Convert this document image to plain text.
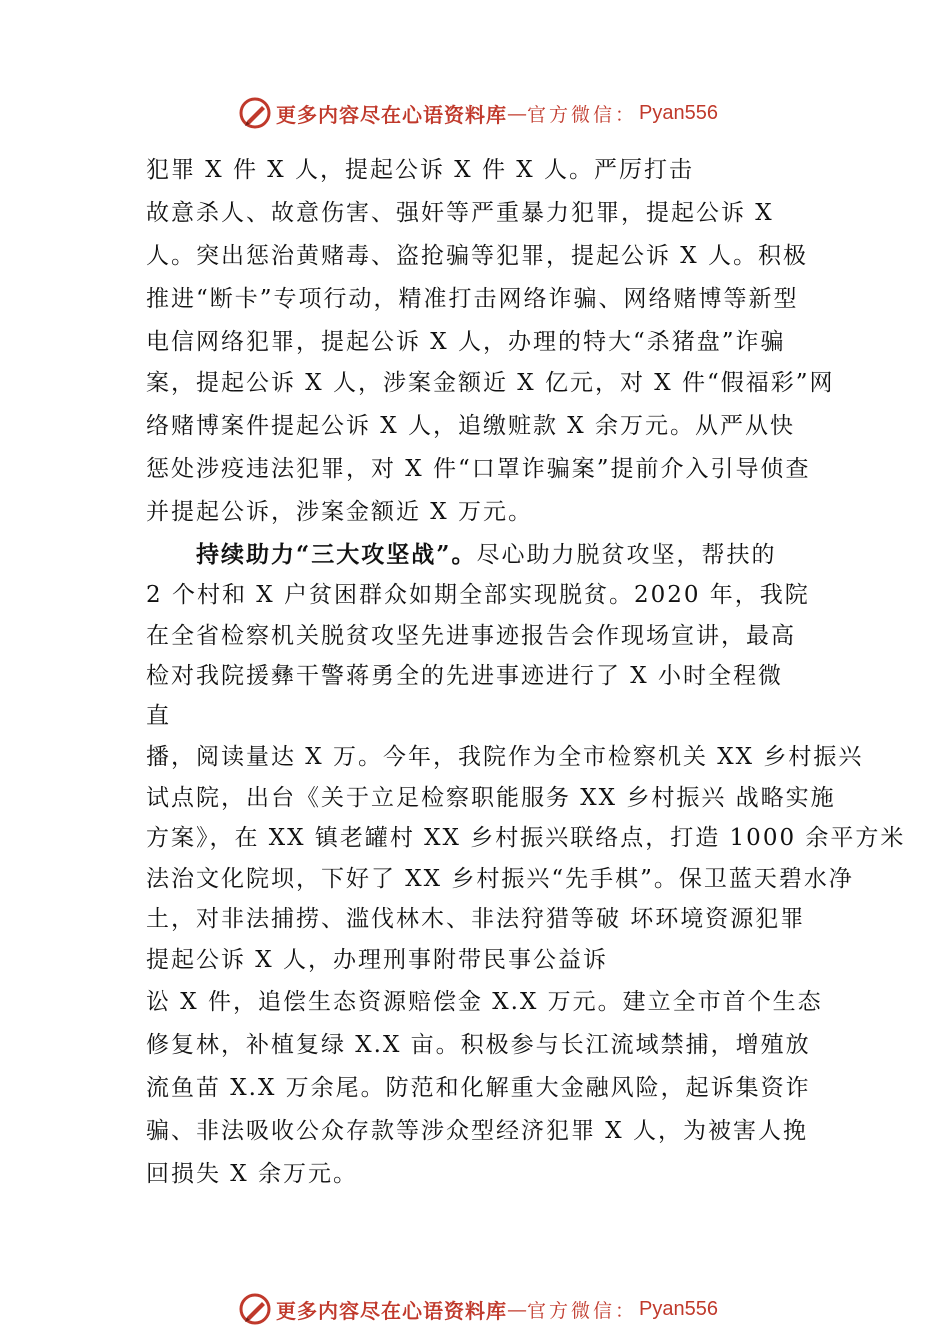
更多内容尽在心语资料库 — 官方微信： Pyan556
犯罪 X 件 X 人，提起公诉 X 件 X 人。严厉打击
故意杀人、故意伤害、强奸等严重暴力犯罪，提起公诉 X
人。突出惩治黄赌毒、盗抢骗等犯罪，提起公诉 X 人。积极
推进“断卡”专项行动，精准打击网络诈骗、网络赌博等新型
电信网络犯罪，提起公诉 X 人，办理的特大“杀猪盘”诈骗
案，提起公诉 X 人，涉案金额近 X 亿元，对 X 件“假福彩”网
络赌博案件提起公诉 X 人，追缴赃款 X 余万元。从严从快
惩处涉疫违法犯罪，对 X 件“口罩诈骗案”提前介入引导侦查
并提起公诉，涉案金额近 X 万元。
持续助力“三大攻坚战”。尽心助力脱贫攻坚，帮扶的
2 个村和 X 户贫困群众如期全部实现脱贫。2020 年，我院
在全省检察机关脱贫攻坚先进事迹报告会作现场宣讲，最高
检对我院援彝干警蒋勇全的先进事迹进行了 X 小时全程微
直
播，阅读量达 X 万。今年，我院作为全市检察机关 XX 乡村振兴
试点院，出台《关于立足检察职能服务 XX 乡村振兴 战略实施
方案》，在 XX 镇老罐村 XX 乡村振兴联络点，打造 1000 余平方米
法治文化院坝，下好了 XX 乡村振兴“先手棋”。保卫蓝天碧水净
土，对非法捕捞、滥伐林木、非法狩猎等破 坏环境资源犯罪
提起公诉 X 人，办理刑事附带民事公益诉
讼 X 件，追偿生态资源赔偿金 X.X 万元。建立全市首个生态
修复林，补植复绿 X.X 亩。积极参与长江流域禁捕，增殖放
流鱼苗 X.X 万余尾。防范和化解重大金融风险，起诉集资诈
骗、非法吸收公众存款等涉众型经济犯罪 X 人，为被害人挽
回损失 X 余万元。
更多内容尽在心语资料库 — 官方微信： Pyan556
